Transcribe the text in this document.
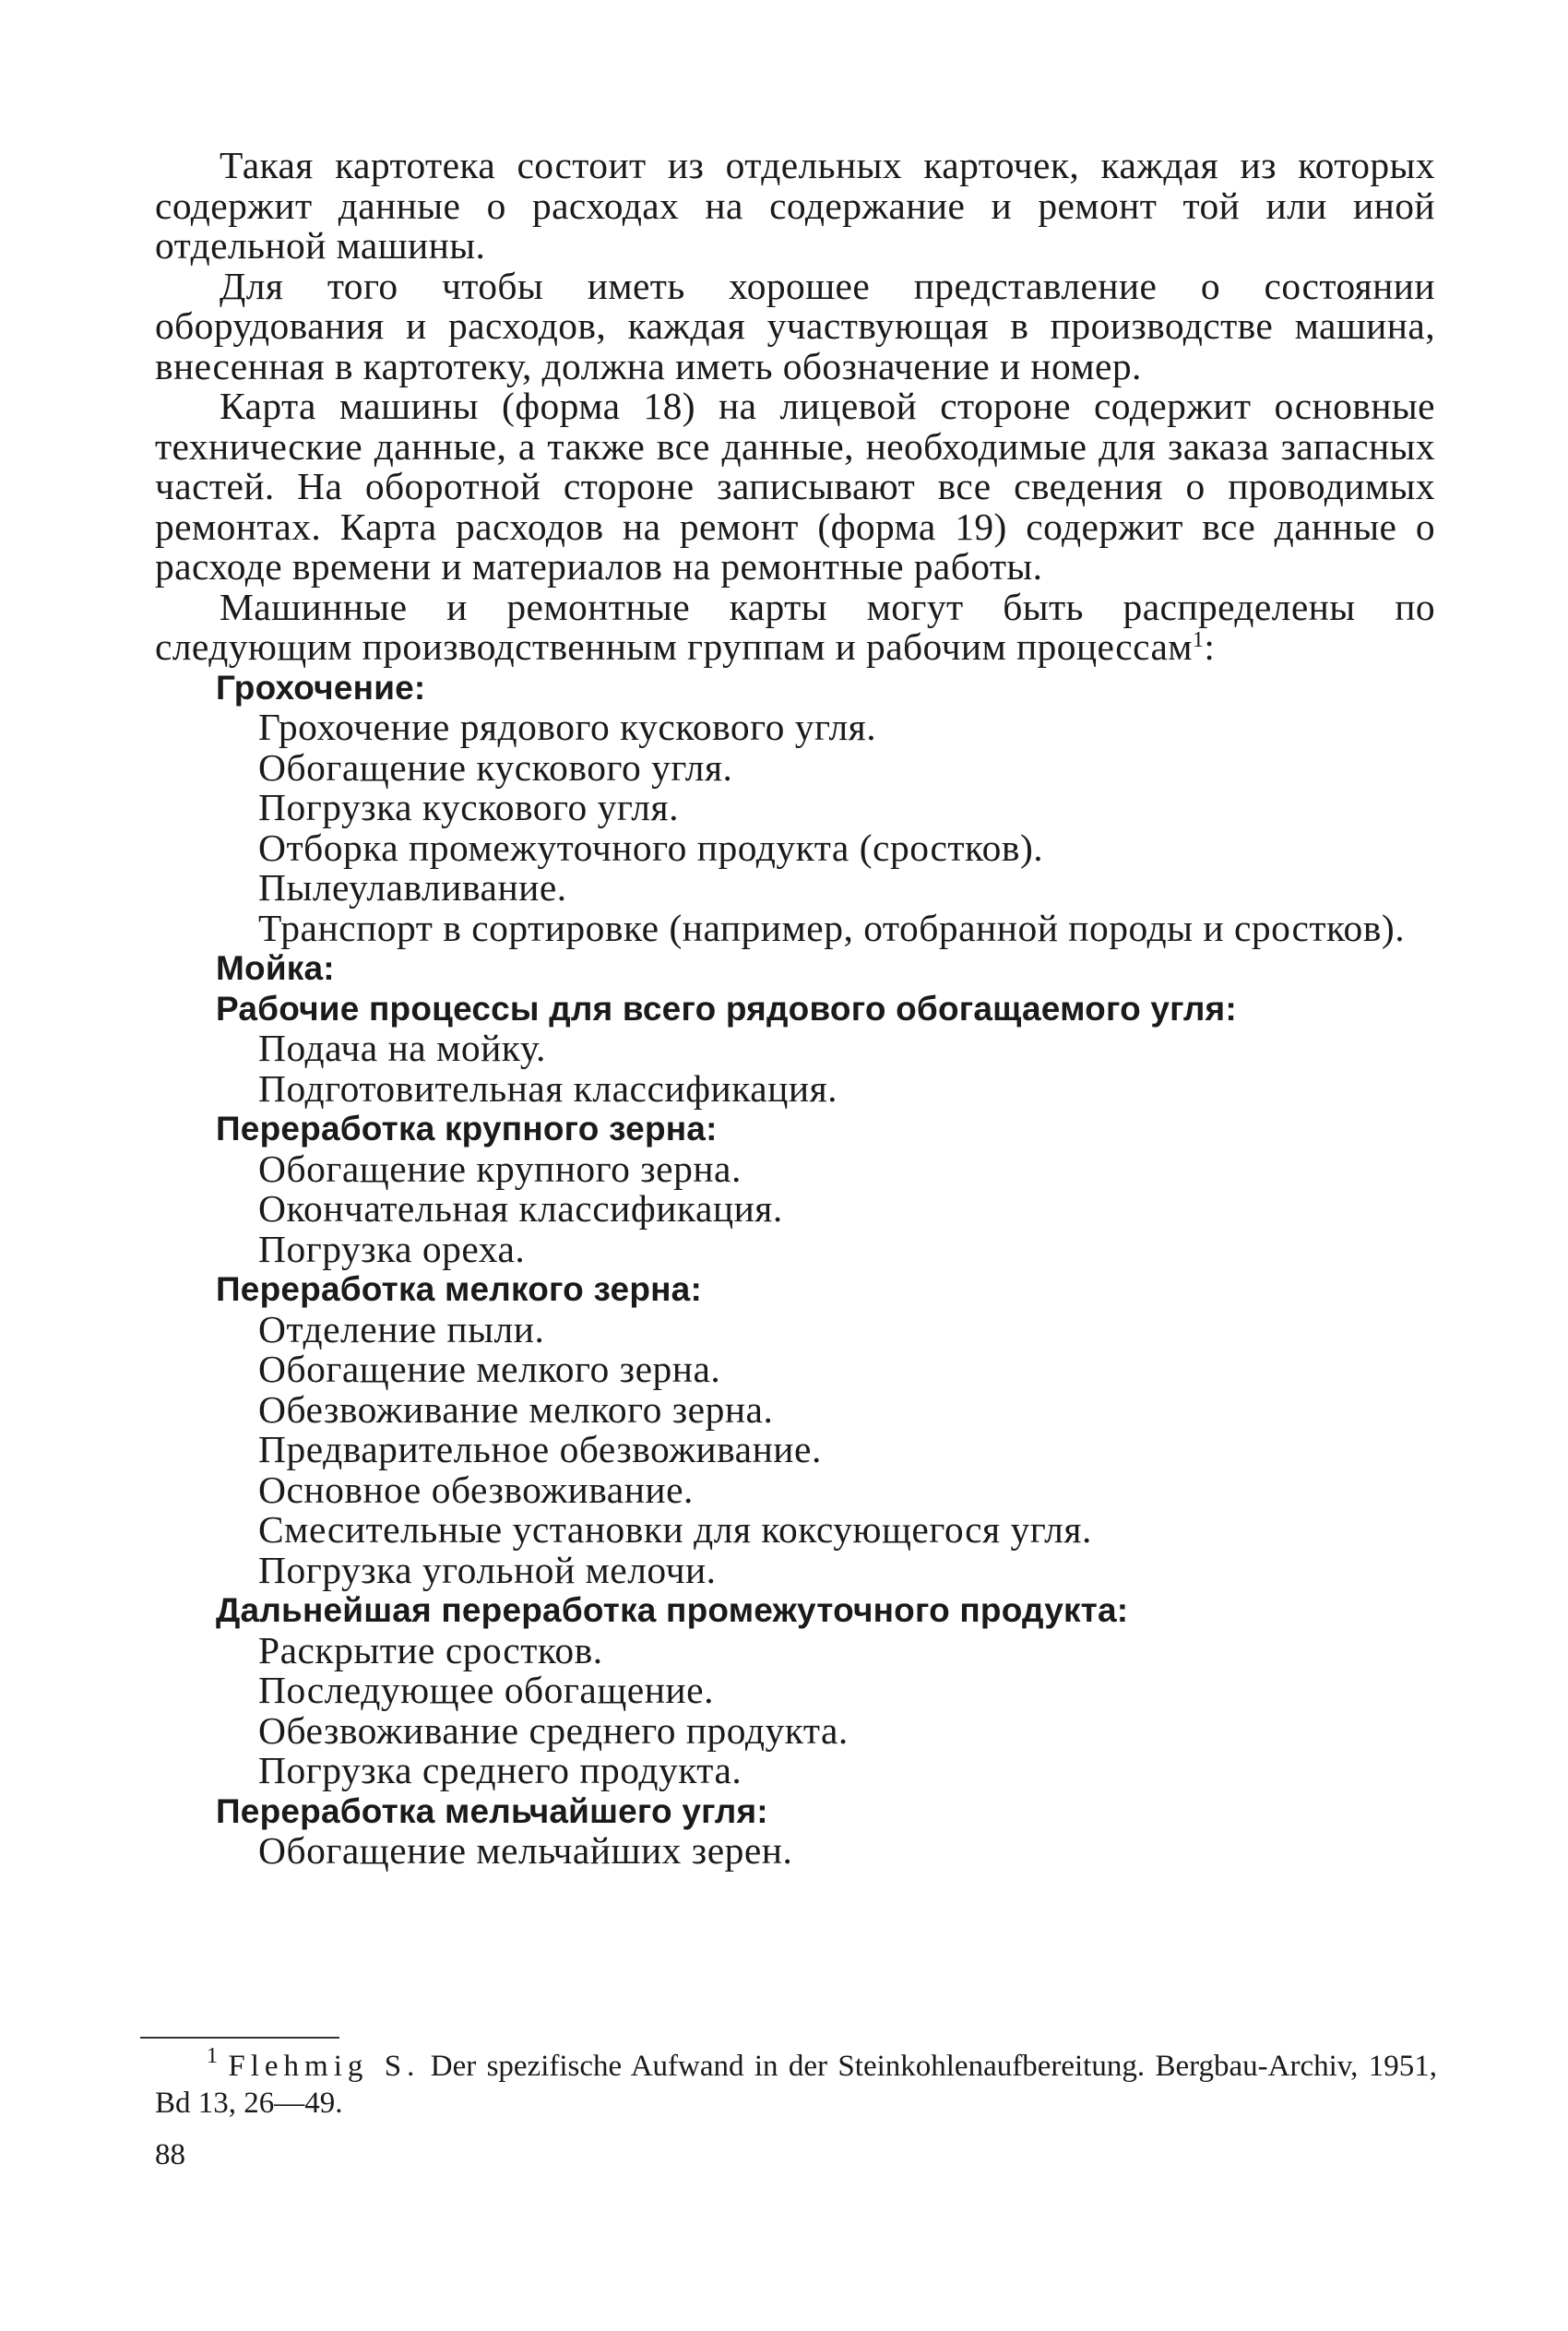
Такая картотека состоит из отдельных карточек, каждая из которых содержит данные о расходах на содержание и ремонт той или иной отдельной машины.

Для того чтобы иметь хорошее представление о состоянии оборудования и расходов, каждая участвующая в производстве машина, внесенная в картотеку, должна иметь обозначение и номер.

Карта машины (форма 18) на лицевой стороне содержит основные технические данные, а также все данные, необходимые для заказа запасных частей. На оборотной стороне записывают все сведения о проводимых ремонтах. Карта расходов на ремонт (форма 19) содержит все данные о расходе времени и материалов на ремонтные работы.

Машинные и ремонтные карты могут быть распределены по следующим производственным группам и рабочим процессам$^1$:

Грохочение:
Грохочение рядового кускового угля.
Обогащение кускового угля.
Погрузка кускового угля.
Отборка промежуточного продукта (сростков).
Пылеулавливание.
Транспорт в сортировке (например, отобранной породы и сростков).
Мойка:
Рабочие процессы для всего рядового обогащаемого угля:
Подача на мойку.
Подготовительная классификация.
Переработка крупного зерна:
Обогащение крупного зерна.
Окончательная классификация.
Погрузка ореха.
Переработка мелкого зерна:
Отделение пыли.
Обогащение мелкого зерна.
Обезвоживание мелкого зерна.
Предварительное обезвоживание.
Основное обезвоживание.
Смесительные установки для коксующегося угля.
Погрузка угольной мелочи.
Дальнейшая переработка промежуточного продукта:
Раскрытие сростков.
Последующее обогащение.
Обезвоживание среднего продукта.
Погрузка среднего продукта.
Переработка мельчайшего угля:
Обогащение мельчайших зерен.
$^1$ Flehmig S. Der spezifische Aufwand in der Steinkohlenaufbereitung. Bergbau-Archiv, 1951, Bd 13, 26—49.
88
